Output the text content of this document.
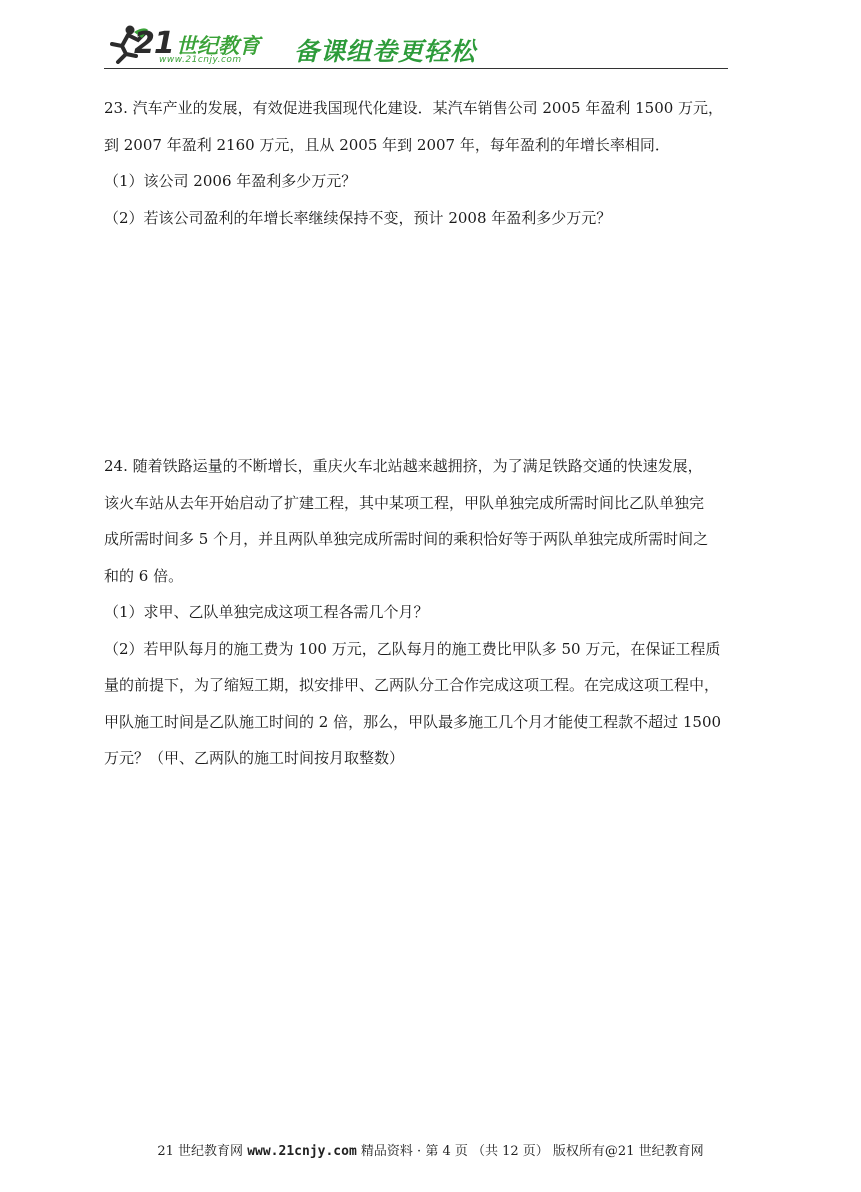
21 世纪教育
www.21cnjy.com 备课组卷更轻松
23. 汽车产业的发展，有效促进我国现代化建设．某汽车销售公司 2005 年盈利 1500 万元，
到 2007 年盈利 2160 万元，且从 2005 年到 2007 年，每年盈利的年增长率相同．
（1）该公司 2006 年盈利多少万元？
（2）若该公司盈利的年增长率继续保持不变，预计 2008 年盈利多少万元？
24. 随着铁路运量的不断增长，重庆火车北站越来越拥挤，为了满足铁路交通的快速发展，
该火车站从去年开始启动了扩建工程，其中某项工程，甲队单独完成所需时间比乙队单独完
成所需时间多 5 个月，并且两队单独完成所需时间的乘积恰好等于两队单独完成所需时间之
和的 6 倍。
（1）求甲、乙队单独完成这项工程各需几个月？
（2）若甲队每月的施工费为 100 万元，乙队每月的施工费比甲队多 50 万元，在保证工程质
量的前提下，为了缩短工期，拟安排甲、乙两队分工合作完成这项工程。在完成这项工程中，
甲队施工时间是乙队施工时间的 2 倍，那么，甲队最多施工几个月才能使工程款不超过 1500
万元？（甲、乙两队的施工时间按月取整数）
21 世纪教育网 www.21cnjy.com 精品资料 · 第 4 页 （共 12 页） 版权所有@21 世纪教育网
